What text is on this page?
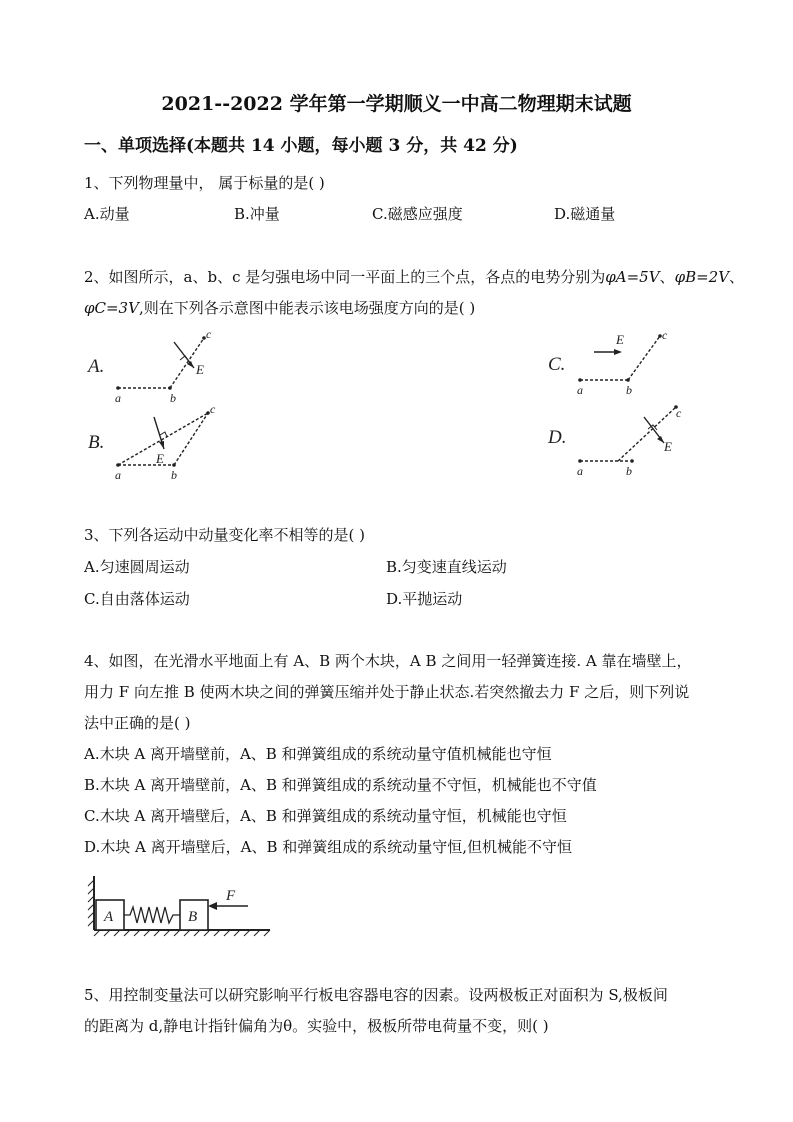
2021--2022 学年第一学期顺义一中高二物理期末试题
一、单项选择(本题共 14 小题，每小题 3 分，共 42 分)
1、下列物理量中， 属于标量的是( )
A.动量	B.冲量	C.磁感应强度	D.磁通量
2、如图所示，a、b、c 是匀强电场中同一平面上的三个点，各点的电势分别为φA=5V、φB=2V、
φC=3V,则在下列各示意图中能表示该电场强度方向的是( )
A.
a	b
c
E
B.
a	b
c
E
C.
E
a	b
c
D.
a	b
c
E
3、下列各运动中动量变化率不相等的是( )
A.匀速圆周运动	B.匀变速直线运动
C.自由落体运动	D.平抛运动
4、如图，在光滑水平地面上有 A、B 两个木块，A B 之间用一轻弹簧连接. A 靠在墙壁上，
用力 F 向左推 B 使两木块之间的弹簧压缩并处于静止状态.若突然撤去力 F 之后，则下列说
法中正确的是( )
A.木块 A 离开墙壁前，A、B 和弹簧组成的系统动量守值机械能也守恒
B.木块 A 离开墙壁前，A、B 和弹簧组成的系统动量不守恒，机械能也不守值
C.木块 A 离开墙壁后，A、B 和弹簧组成的系统动量守恒，机械能也守恒
D.木块 A 离开墙壁后，A、B 和弹簧组成的系统动量守恒,但机械能不守恒
A	B
F
5、用控制变量法可以研究影响平行板电容器电容的因素。设两极板正对面积为 S,极板间
的距离为 d,静电计指针偏角为θ。实验中，极板所带电荷量不变，则( )
